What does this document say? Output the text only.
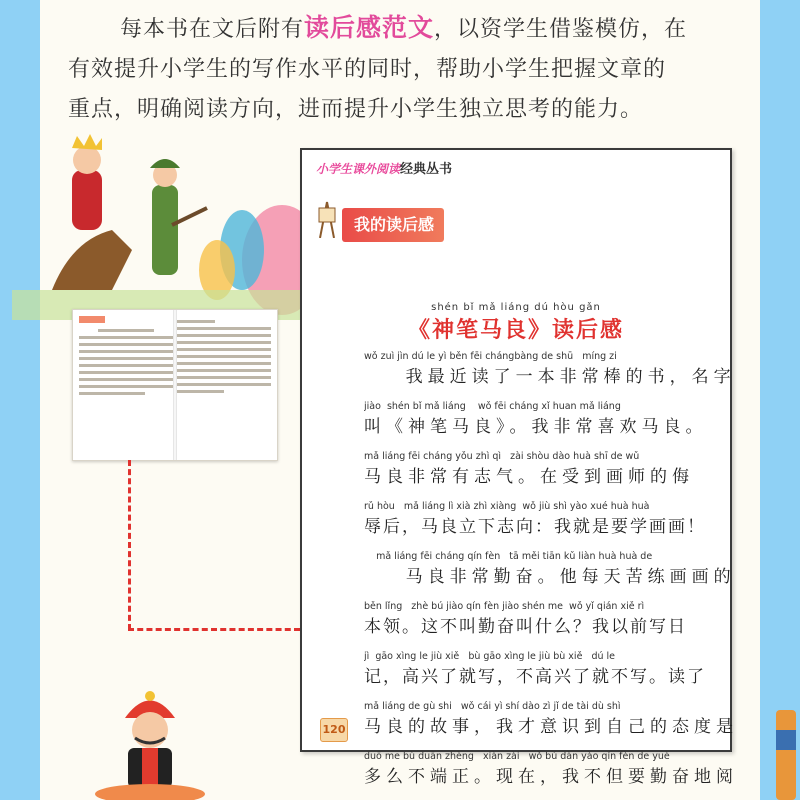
每本书在文后附有读后感范文，以资学生借鉴模仿，在
有效提升小学生的写作水平的同时，帮助小学生把握文章的
重点，明确阅读方向，进而提升小学生独立思考的能力。
小学生课外阅读经典丛书
我的读后感
shén bǐ mǎ liáng dú hòu gǎn
《神笔马良》读后感
wǒ zuì jìn dú le yì běn fēi chángbàng de shū   míng zi
我最近读了一本非常棒的书，名字
jiào  shén bǐ mǎ liáng    wǒ fēi cháng xǐ huan mǎ liáng
叫《神笔马良》。我非常喜欢马良。
mǎ liáng fēi cháng yǒu zhì qì   zài shòu dào huà shī de wǔ
马良非常有志气。在受到画师的侮
rǔ hòu   mǎ liáng lì xià zhì xiàng  wǒ jiù shì yào xué huà huà
辱后，马良立下志向：我就是要学画画！
mǎ liáng fēi cháng qín fèn   tā měi tiān kǔ liàn huà huà de
马良非常勤奋。他每天苦练画画的
běn lǐng   zhè bú jiào qín fèn jiào shén me  wǒ yǐ qián xiě rì
本领。这不叫勤奋叫什么？我以前写日
jì  gāo xìng le jiù xiě   bù gāo xìng le jiù bù xiě   dú le
记，高兴了就写，不高兴了就不写。读了
mǎ liáng de gù shi   wǒ cái yì shí dào zì jǐ de tài dù shì
马良的故事，我才意识到自己的态度是
duō me bù duān zhèng   xiàn zài   wǒ bú dàn yào qín fèn de yuè
多么不端正。现在，我不但要勤奋地阅
120
